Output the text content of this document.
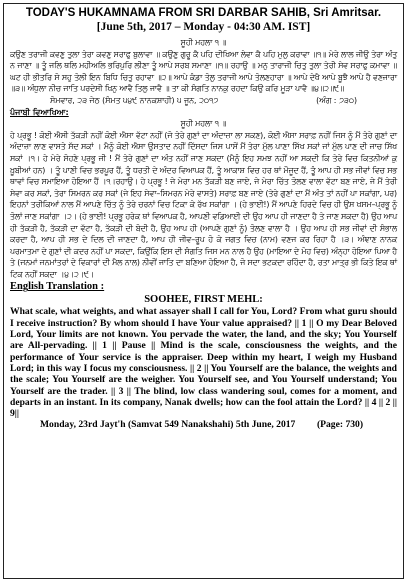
TODAY'S HUKAMNAMA FROM SRI DARBAR SAHIB, Sri Amritsar.
[June 5th, 2017 – Monday - 04:30 AM. IST]
ਸੂਹੀ ਮਹਲਾ ੧ ॥
ਕਉਣ ਤਰਾਜੀ ਕਵਣੁ ਤੁਲਾ ਤੇਰਾ ਕਵਣੁ ਸਰਾਫੁ ਬੁਲਾਵਾ ॥ ਕਉਣੁ ਗੁਰੂ ਕੈ ਪਹਿ ਦੀਖਿਆ ਲੇਵਾ ਕੈ ਪਹਿ ਮੁਲੁ ਕਰਾਵਾ ॥੧॥ ਮੇਰੇ ਲਾਲ ਜੀਉ ਤੇਰਾ ਅੰਤੁ ਨ ਜਾਣਾ ॥ ਤੂੰ ਜਲਿ ਥਲਿ ਮਹੀਅਲਿ ਭਰਿਪੁਰਿ ਲੀਣਾ ਤੂੰ ਆਪੇ ਸਰਬ ਸਮਾਣਾ ॥੧॥ ਰਹਾਉ ॥ ਮਨੁ ਤਾਰਾਜੀ ਚਿਤੁ ਤੁਲਾ ਤੇਰੀ ਸੇਵ ਸਰਾਫੁ ਕਮਾਵਾ ॥ ਘਟ ਹੀ ਭੀਤਰਿ ਸੋ ਸਹੁ ਤੋਲੀ ਇਨ ਬਿਧਿ ਚਿਤੁ ਰਹਾਵਾ ॥੨॥ ਆਪੇ ਕੰਡਾ ਤੋਲੁ ਤਰਾਜੀ ਆਪੇ ਤੋਲਣਹਾਰਾ ॥ ਆਪੇ ਦੇਖੈ ਆਪੇ ਬੂਝੈ ਆਪੇ ਹੈ ਵਣਜਾਰਾ ॥੩॥ ਅੰਧੁਲਾ ਨੀਚ ਜਾਤਿ ਪਰਦੇਸੀ ਖਿਨੁ ਆਵੈ ਤਿਲੁ ਜਾਵੈ ॥ ਤਾ ਕੀ ਸੰਗਤਿ ਨਾਨਕੁ ਰਹਦਾ ਕਿਉ ਕਰਿ ਮੂੜਾ ਪਾਵੈ ॥੪॥੨॥੯॥
ਸੋਮਵਾਰ, ੨੩ ਜੇਠ (ਸੰਮਤ ੫੪੯ ਨਾਨਕਸ਼ਾਹੀ) ੫ ਜੂਨ, ੨੦੧੭	(ਅੰਗ : ੭੩੦)
ਪੰਜਾਬੀ ਵਿਆਖਿਆ:
ਸੂਹੀ ਮਹਲਾ ੧ ॥
ਹੇ ਪ੍ਰਭੂ ! ਕੋਈ ਐਸੀ ਤੱਕੜੀ ਨਹੀਂ ਕੋਈ ਐਸਾ ਵੱਟਾ ਨਹੀਂ (ਜੋ ਤੇਰੇ ਗੁਣਾਂ ਦਾ ਅੰਦਾਜ਼ਾ ਲਾ ਸਕਣ), ਕੋਈ ਐਸਾ ਸਰਾਫ਼ ਨਹੀਂ ਜਿਸ ਨੂੰ ਮੈਂ ਤੇਰੇ ਗੁਣਾਂ ਦਾ ਅੰਦਾਜ਼ਾ ਲਾਣ ਵਾਸਤੇ ਸੱਦ ਸਕਾਂ । ਮੈਨੂੰ ਕੋਈ ਐਸਾ ਉਸਤਾਦ ਨਹੀਂ ਦਿੱਸਦਾ ਜਿਸ ਪਾਸੋਂ ਮੈਂ ਤੇਰਾ ਮੁੱਲ ਪਾਣਾ ਸਿੱਖ ਸਕਾਂ ਜਾਂ ਮੁੱਲ ਪਾਣ ਦੀ ਜਾਚ ਸਿੱਖ ਸਕਾਂ ।੧। ਹੇ ਮੇਰੇ ਸੋਹਣੇ ਪ੍ਰਭੂ ਜੀ ! ਮੈਂ ਤੇਰੇ ਗੁਣਾਂ ਦਾ ਅੰਤ ਨਹੀਂ ਜਾਣ ਸਕਦਾ (ਮੈਨੂੰ ਇਹ ਸਮਝ ਨਹੀਂ ਆ ਸਕਦੀ ਕਿ ਤੇਰੇ ਵਿਚ ਕਿਤਨੀਆਂ ਕੁ ਖ਼ੂਬੀਆਂ ਹਨ) । ਤੂੰ ਪਾਣੀ ਵਿਚ ਭਰਪੂਰ ਹੈਂ, ਤੂੰ ਧਰਤੀ ਦੇ ਅੰਦਰ ਵਿਆਪਕ ਹੈਂ, ਤੂੰ ਆਕਾਸ਼ ਵਿਚ ਹਰ ਥਾਂ ਮੌਜੂਦ ਹੈਂ, ਤੂੰ ਆਪ ਹੀ ਸਭ ਜੀਵਾਂ ਵਿਚ ਸਭ ਥਾਵਾਂ ਵਿਚ ਸਮਾਇਆ ਹੋਇਆ ਹੈਂ ।੧।ਰਹਾਉ। ਹੇ ਪ੍ਰਭੂ ! ਜੇ ਮੇਰਾ ਮਨ ਤੱਕੜੀ ਬਣ ਜਾਏ, ਜੇ ਮੇਰਾ ਚਿੱਤ ਤੋਲਣ ਵਾਲਾ ਵੱਟਾ ਬਣ ਜਾਏ, ਜੇ ਮੈਂ ਤੇਰੀ ਸੇਵਾ ਕਰ ਸਕਾਂ, ਤੇਰਾ ਸਿਮਰਨ ਕਰ ਸਕਾਂ (ਜੇ ਇਹ ਸੇਵਾ–ਸਿਮਰਨ ਮੇਰੇ ਵਾਸਤੇ) ਸਰਾਫ਼ ਬਣ ਜਾਏ (ਤੇਰੇ ਗੁਣਾਂ ਦਾ ਮੈਂ ਅੰਤ ਤਾਂ ਨਹੀਂ ਪਾ ਸਕਾਂਗਾ, ਪਰ) ਇਹਨਾਂ ਤਰੀਕਿਆਂ ਨਾਲ ਮੈਂ ਆਪਣੇ ਚਿੱਤ ਨੂੰ ਤੇਰੇ ਚਰਨਾਂ ਵਿਚ ਟਿਕਾ ਕੇ ਰੱਖ ਸਕਾਂਗਾ । (ਹੇ ਭਾਈ!) ਮੈਂ ਆਪਣੇ ਹਿਰਦੇ ਵਿਚ ਹੀ ਉਸ ਖਸਮ–ਪ੍ਰਭੂ ਨੂੰ ਤੋਲਾਂ ਜਾਣ ਸਕਾਂਗਾ ।੨। (ਹੇ ਭਾਈ! ਪ੍ਰਭੂ ਹਰੇਕ ਥਾਂ ਵਿਆਪਕ ਹੈ, ਆਪਣੀ ਵਡਿਆਈ ਦੀ ਉਹ ਆਪ ਹੀ ਜਾਣਦਾ ਹੈ ਤੇ ਜਾਣ ਸਕਦਾ ਹੈ) ਉਹ ਆਪ ਹੀ ਤੱਕੜੀ ਹੈ, ਤੱਕੜੀ ਦਾ ਵੱਟਾ ਹੈ, ਤੱਕੜੀ ਦੀ ਬੋਦੀ ਹੈ, ਉਹ ਆਪ ਹੀ (ਆਪਣੇ ਗੁਣਾਂ ਨੂੰ) ਤੋਲਣ ਵਾਲਾ ਹੈ । ਉਹ ਆਪ ਹੀ ਸਭ ਜੀਵਾਂ ਦੀ ਸੰਭਾਲ ਕਰਦਾ ਹੈ, ਆਪ ਹੀ ਸਭ ਦੇ ਦਿਲ ਦੀ ਜਾਣਦਾ ਹੈ, ਆਪ ਹੀ ਜੀਵ–ਰੂਪ ਹੋ ਕੇ ਜਗਤ ਵਿਚ (ਨਾਮ) ਵਣਜ ਕਰ ਰਿਹਾ ਹੈ ।੩। ਅੰਞਾਣ ਨਾਨਕ ਪਰਮਾਤਮਾ ਦੇ ਗੁਣਾਂ ਦੀ ਕਦਰ ਨਹੀਂ ਪਾ ਸਕਦਾ, ਕਿਉਂਕਿ ਇਸ ਦੀ ਸੰਗਤਿ ਜਿਸ ਮਨ ਨਾਲ ਹੈ ਉਹ (ਮਾਇਆ ਦੇ ਮੋਹ ਵਿਚ) ਅੰਨ੍ਹਾ ਹੋਇਆ ਪਿਆ ਹੈ ਤੇ (ਜਨਮਾਂ ਜਨਮਾਂਤਰਾਂ ਦੇ ਵਿਕਾਰਾਂ ਦੀ ਮੈਲ ਨਾਲ) ਨੀਵੀਂ ਜਾਤਿ ਦਾ ਬਣਿਆ ਹੋਇਆ ਹੈ, ਜੋ ਸਦਾ ਭਟਕਦਾ ਰਹਿੰਦਾ ਹੈ, ਰਤਾ ਮਾਤ੍ਰ ਭੀ ਕਿਤੇ ਇਕ ਥਾਂ ਟਿਕ ਨਹੀਂ ਸਕਦਾ ।੪।੨।੯।
English Translation :
SOOHEE, FIRST MEHL:
What scale, what weights, and what assayer shall I call for You, Lord? From what guru should I receive instruction? By whom should I have Your value appraised? || 1 || O my Dear Beloved Lord, Your limits are not known. You pervade the water, the land, and the sky; You Yourself are All-pervading. || 1 || Pause || Mind is the scale, consciousness the weights, and the performance of Your service is the appraiser. Deep within my heart, I weigh my Husband Lord; in this way I focus my consciousness. || 2 || You Yourself are the balance, the weights and the scale; You Yourself are the weigher. You Yourself see, and You Yourself understand; You Yourself are the trader. || 3 || The blind, low class wandering soul, comes for a moment, and departs in an instant. In its company, Nanak dwells; how can the fool attain the Lord? || 4 || 2 || 9||
Monday, 23rd Jayt'h (Samvat 549 Nanakshahi) 5th June, 2017 (Page: 730)
